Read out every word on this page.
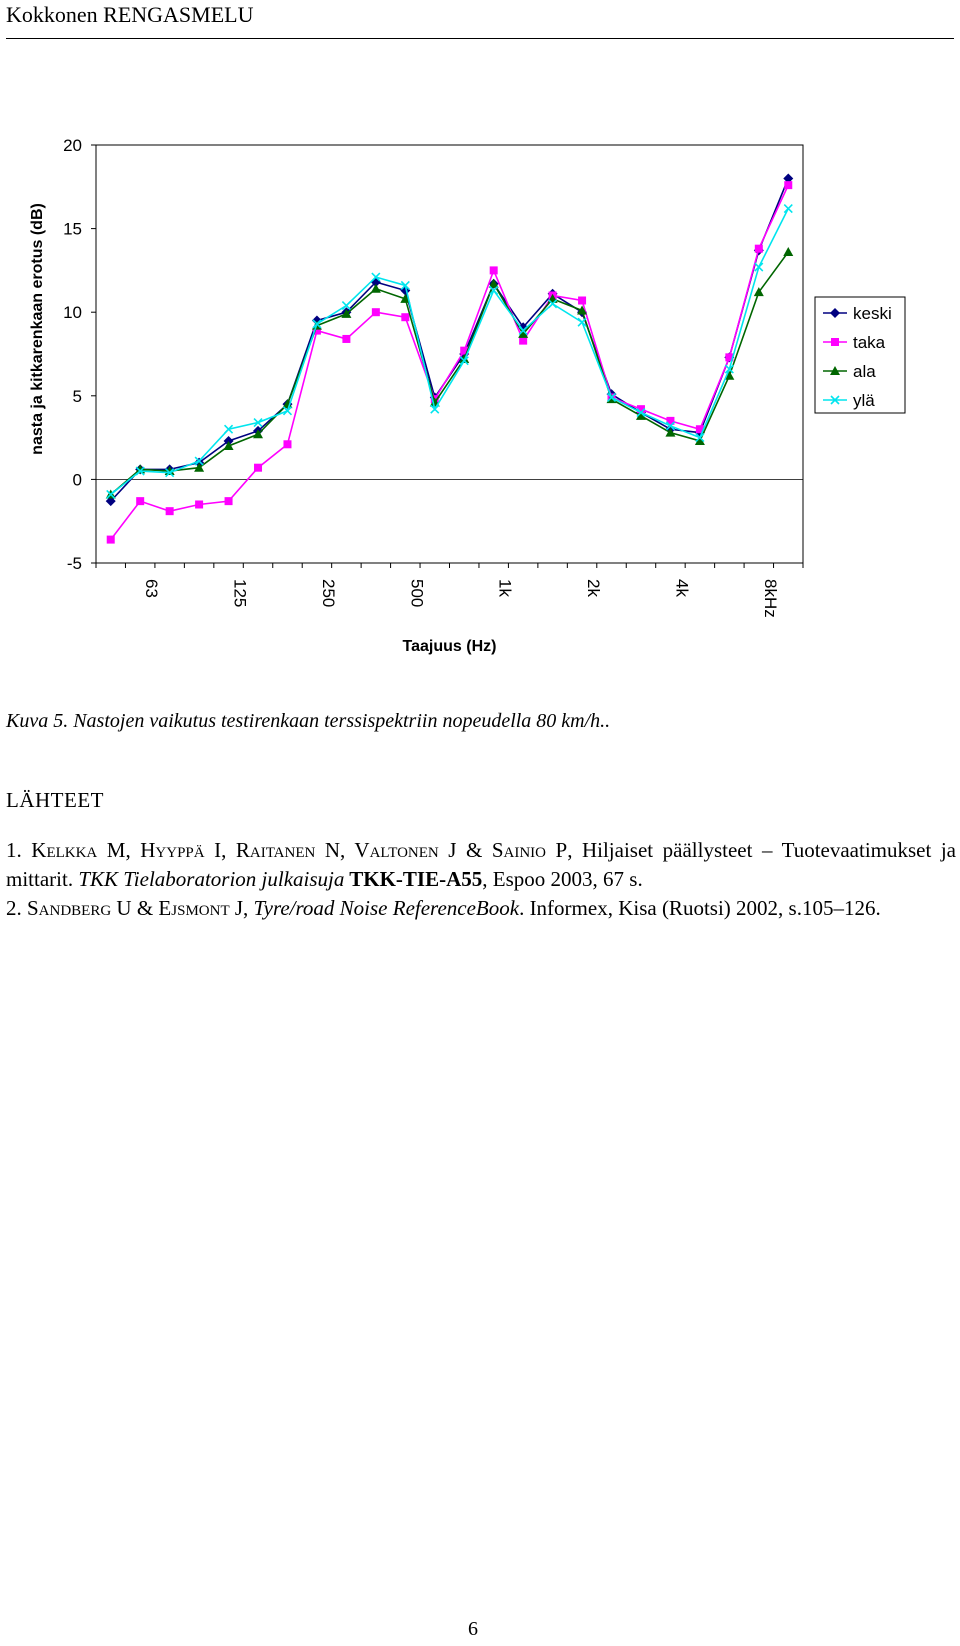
Kokkonen RENGASMELU
-5
0
5
10
15
20
63	125	250	500	1k	2k	4k	8kHz
Taajuus (Hz)
nasta ja kitkarenkaan erotus (dB)	keski
taka
ala
ylä
Kuva 5. Nastojen vaikutus testirenkaan terssispektriin nopeudella 80 km/h..
LÄHTEET
1. Kelkka M, Hyyppä I, Raitanen N, Valtonen J & Sainio P, Hiljaiset päällysteet – Tuotevaatimukset ja mittarit. TKK Tielaboratorion julkaisuja TKK-TIE-A55, Espoo 2003, 67 s.
2. Sandberg U & Ejsmont J, Tyre/road Noise ReferenceBook. Informex, Kisa (Ruotsi) 2002, s.105–126.
6
